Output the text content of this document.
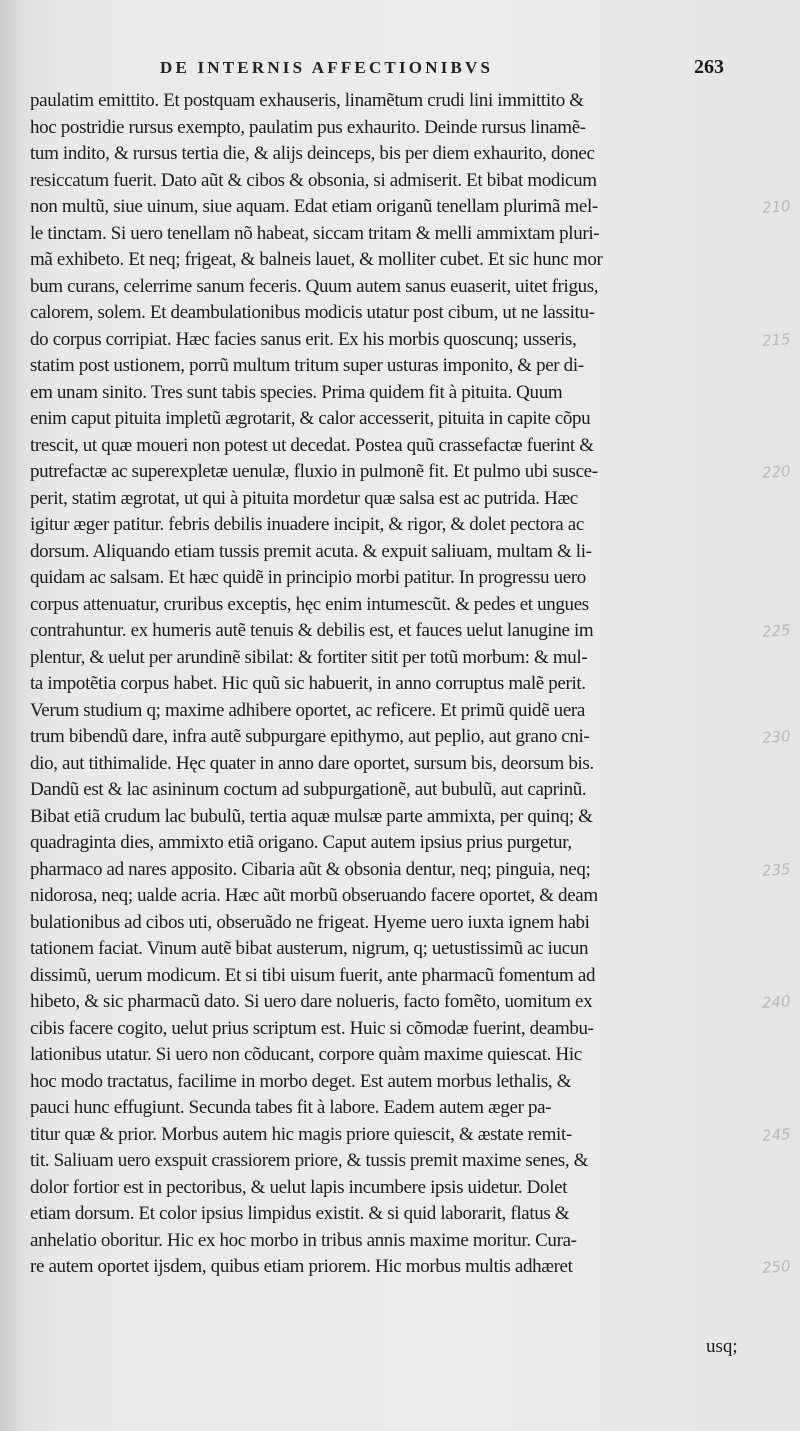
DE INTERNIS AFFECTIONIBVS	263
paulatim emittito. Et postquam exhauseris, linamẽtum crudi lini immittito &
hoc postridie rursus exempto, paulatim pus exhaurito. Deinde rursus linamẽ-
tum indito, & rursus tertia die, & alijs deinceps, bis per diem exhaurito, donec
resiccatum fuerit. Dato aũt & cibos & obsonia, si admiserit. Et bibat modicum
non multũ, siue uinum, siue aquam. Edat etiam origanũ tenellam plurimã mel-
le tinctam. Si uero tenellam nõ habeat, siccam tritam & melli ammixtam pluri-
mã exhibeto. Et neq; frigeat, & balneis lauet, & molliter cubet. Et sic hunc mor
bum curans, celerrime sanum feceris. Quum autem sanus euaserit, uitet frigus,
calorem, solem. Et deambulationibus modicis utatur post cibum, ut ne lassitu-
do corpus corripiat. Hæc facies sanus erit. Ex his morbis quoscunq; usseris,
statim post ustionem, porrũ multum tritum super usturas imponito, & per di-
em unam sinito. Tres sunt tabis species. Prima quidem fit à pituita. Quum
enim caput pituita impletũ ægrotarit, & calor accesserit, pituita in capite cõpu
trescit, ut quæ moueri non potest ut decedat. Postea quũ crassefactæ fuerint &
putrefactæ ac superexpletæ uenulæ, fluxio in pulmonẽ fit. Et pulmo ubi susce-
perit, statim ægrotat, ut qui à pituita mordetur quæ salsa est ac putrida. Hæc
igitur æger patitur. febris debilis inuadere incipit, & rigor, & dolet pectora ac
dorsum. Aliquando etiam tussis premit acuta. & expuit saliuam, multam & li-
quidam ac salsam. Et hæc quidẽ in principio morbi patitur. In progressu uero
corpus attenuatur, cruribus exceptis, hęc enim intumescũt. & pedes et ungues
contrahuntur. ex humeris autẽ tenuis & debilis est, et fauces uelut lanugine im
plentur, & uelut per arundinẽ sibilat: & fortiter sitit per totũ morbum: & mul-
ta impotẽtia corpus habet. Hic quũ sic habuerit, in anno corruptus malẽ perit.
Verum studium q; maxime adhibere oportet, ac reficere. Et primũ quidẽ uera
trum bibendũ dare, infra autẽ subpurgare epithymo, aut peplio, aut grano cni-
dio, aut tithimalide. Hęc quater in anno dare oportet, sursum bis, deorsum bis.
Dandũ est & lac asininum coctum ad subpurgationẽ, aut bubulũ, aut caprinũ.
Bibat etiã crudum lac bubulũ, tertia aquæ mulsæ parte ammixta, per quinq; &
quadraginta dies, ammixto etiã origano. Caput autem ipsius prius purgetur,
pharmaco ad nares apposito. Cibaria aũt & obsonia dentur, neq; pinguia, neq;
nidorosa, neq; ualde acria. Hæc aũt morbũ obseruando facere oportet, & deam
bulationibus ad cibos uti, obseruãdo ne frigeat. Hyeme uero iuxta ignem habi
tationem faciat. Vinum autẽ bibat austerum, nigrum, q; uetustissimũ ac iucun
dissimũ, uerum modicum. Et si tibi uisum fuerit, ante pharmacũ fomentum ad
hibeto, & sic pharmacũ dato. Si uero dare nolueris, facto fomẽto, uomitum ex
cibis facere cogito, uelut prius scriptum est. Huic si cõmodæ fuerint, deambu-
lationibus utatur. Si uero non cõducant, corpore quàm maxime quiescat. Hic
hoc modo tractatus, facilime in morbo deget. Est autem morbus lethalis, &
pauci hunc effugiunt. Secunda tabes fit à labore. Eadem autem æger pa-
titur quæ & prior. Morbus autem hic magis priore quiescit, & æstate remit-
tit. Saliuam uero exspuit crassiorem priore, & tussis premit maxime senes, &
dolor fortior est in pectoribus, & uelut lapis incumbere ipsis uidetur. Dolet
etiam dorsum. Et color ipsius limpidus existit. & si quid laborarit, flatus &
anhelatio oboritur. Hic ex hoc morbo in tribus annis maxime moritur. Cura-
re autem oportet ijsdem, quibus etiam priorem. Hic morbus multis adhæret
usq;
210
215
220
225
230
235
240
245
250
